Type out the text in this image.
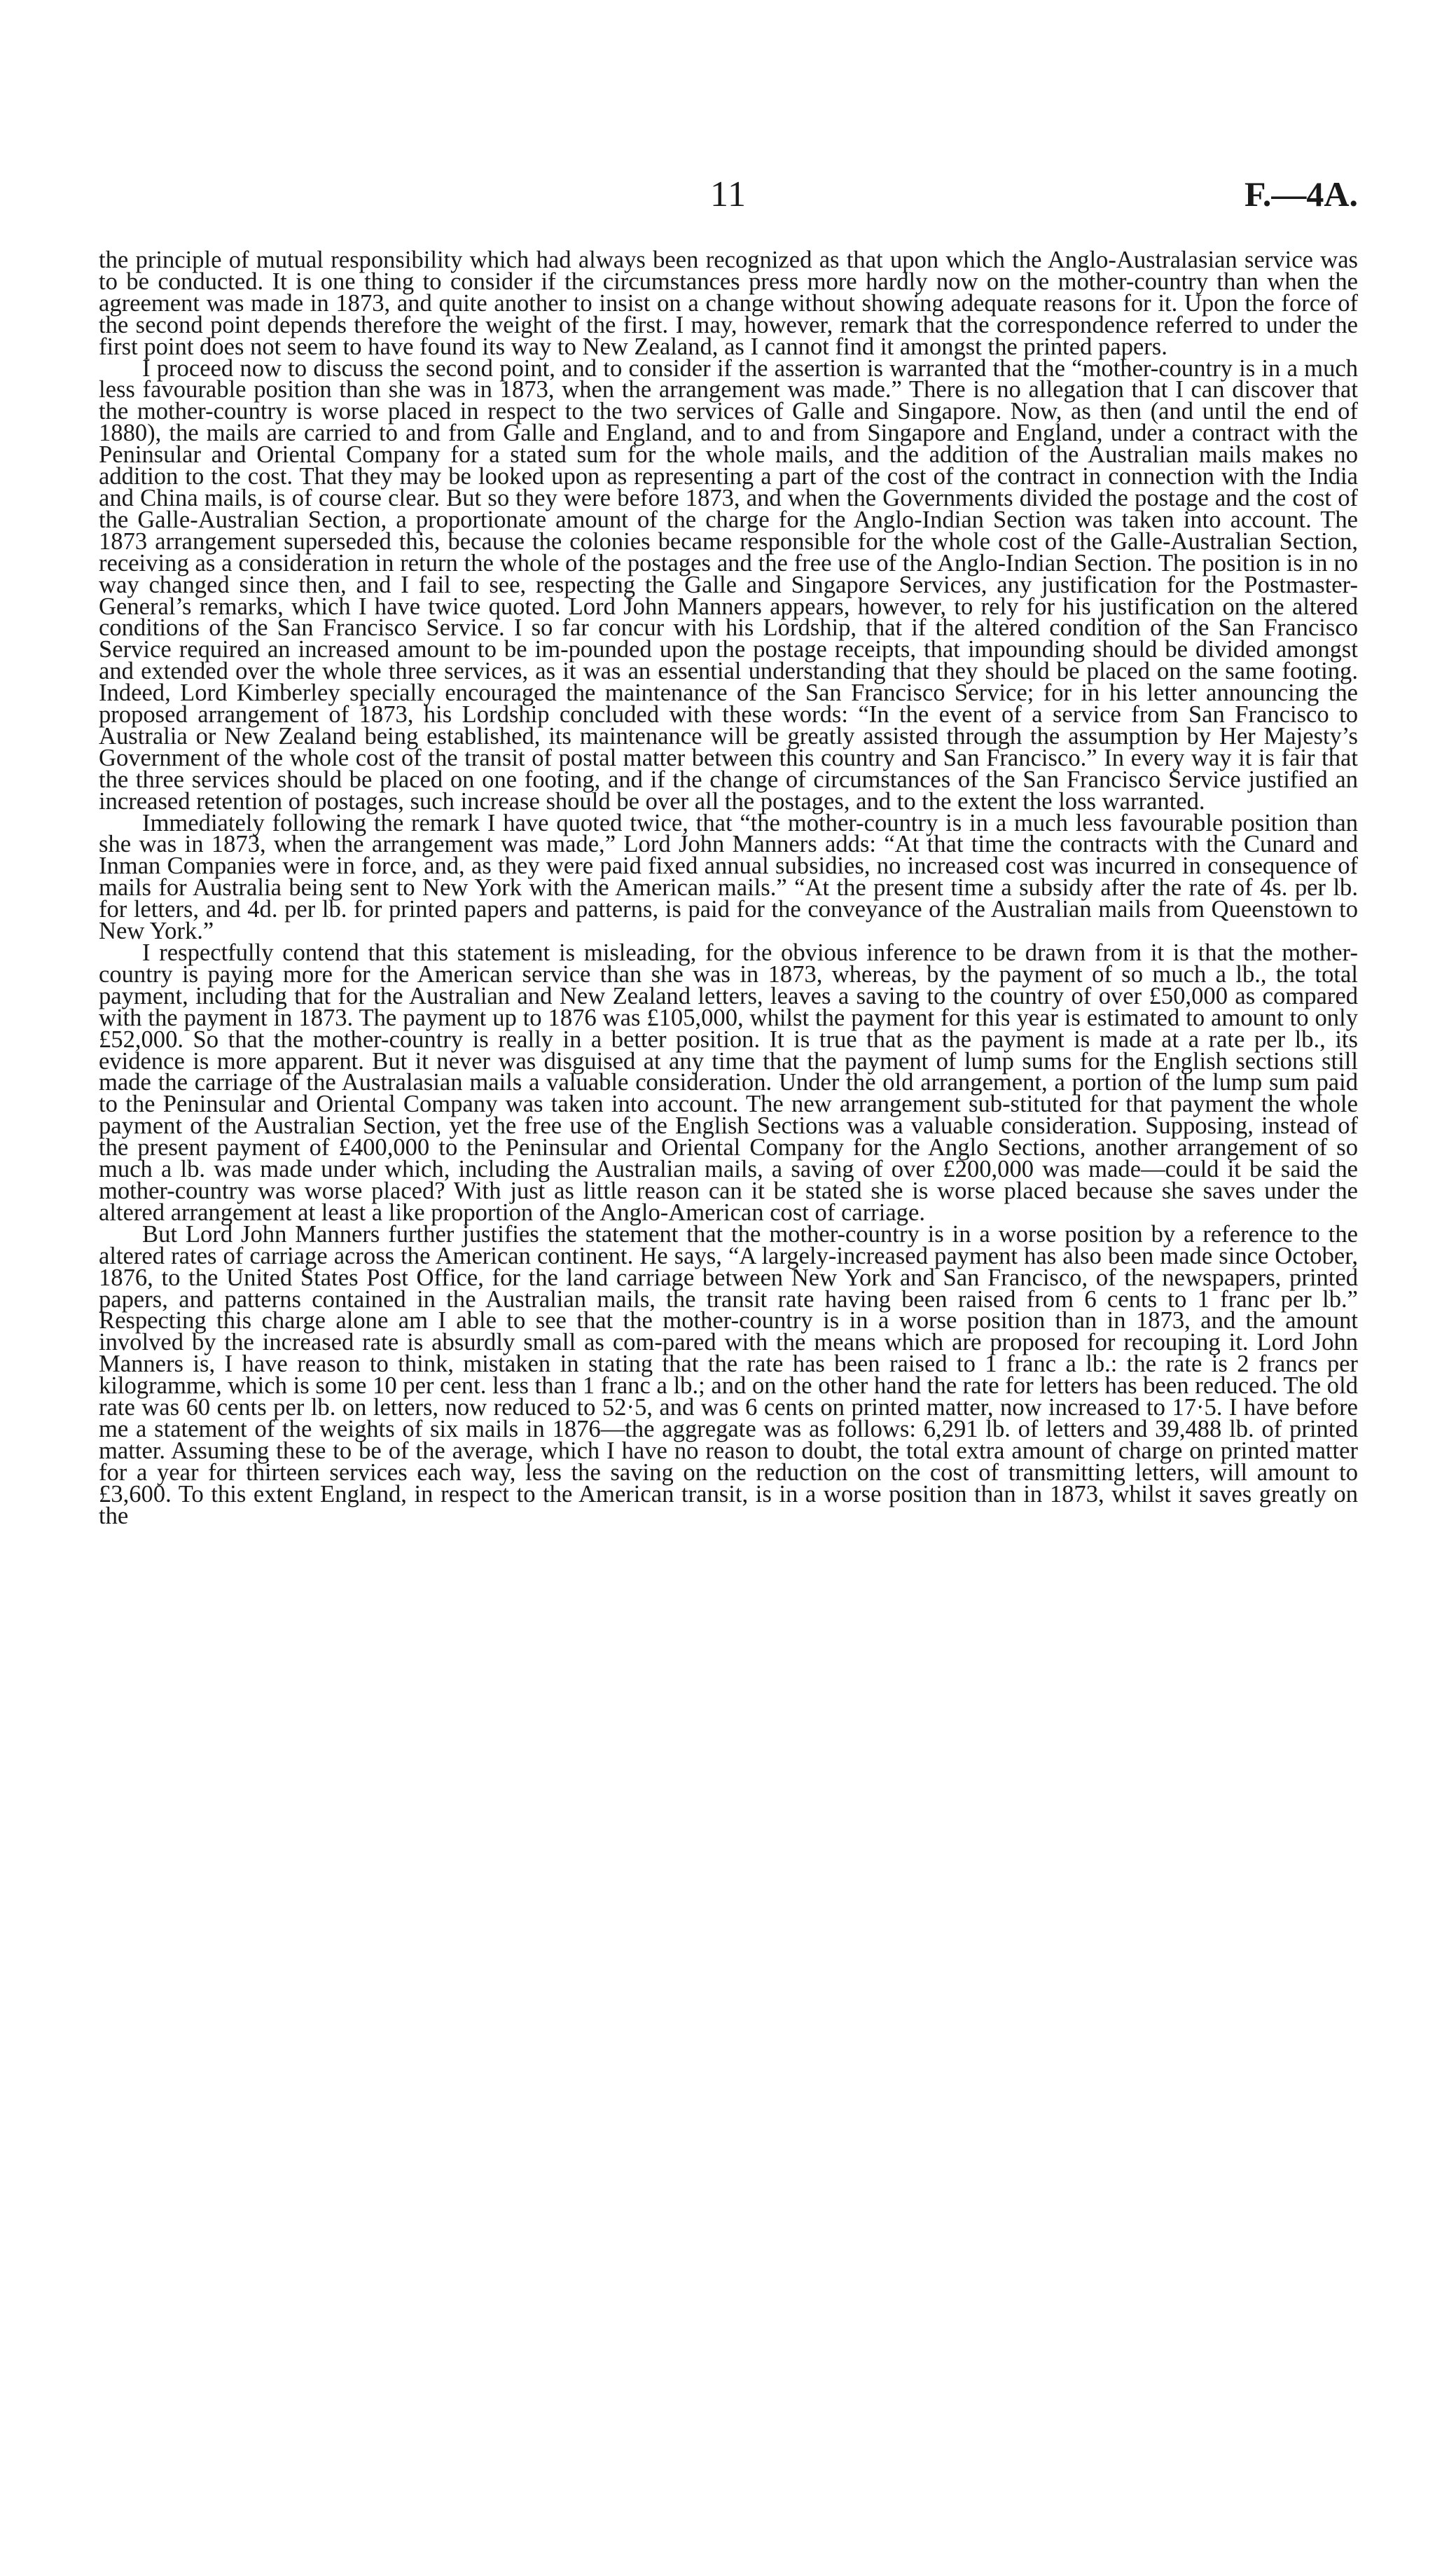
11	F.—4A.

the principle of mutual responsibility which had always been recognized as that upon which the Anglo-Australasian service was to be conducted. It is one thing to consider if the circumstances press more hardly now on the mother-country than when the agreement was made in 1873, and quite another to insist on a change without showing adequate reasons for it. Upon the force of the second point depends therefore the weight of the first. I may, however, remark that the correspondence referred to under the first point does not seem to have found its way to New Zealand, as I cannot find it amongst the printed papers.

I proceed now to discuss the second point, and to consider if the assertion is warranted that the “mother-country is in a much less favourable position than she was in 1873, when the arrangement was made.” There is no allegation that I can discover that the mother-country is worse placed in respect to the two services of Galle and Singapore. Now, as then (and until the end of 1880), the mails are carried to and from Galle and England, and to and from Singapore and England, under a contract with the Peninsular and Oriental Company for a stated sum for the whole mails, and the addition of the Australian mails makes no addition to the cost. That they may be looked upon as representing a part of the cost of the contract in connection with the India and China mails, is of course clear. But so they were before 1873, and when the Governments divided the postage and the cost of the Galle-Australian Section, a proportionate amount of the charge for the Anglo-Indian Section was taken into account. The 1873 arrangement superseded this, because the colonies became responsible for the whole cost of the Galle-Australian Section, receiving as a consideration in return the whole of the postages and the free use of the Anglo-Indian Section. The position is in no way changed since then, and I fail to see, respecting the Galle and Singapore Services, any justification for the Postmaster-General’s remarks, which I have twice quoted. Lord John Manners appears, however, to rely for his justification on the altered conditions of the San Francisco Service. I so far concur with his Lordship, that if the altered condition of the San Francisco Service required an increased amount to be im-pounded upon the postage receipts, that impounding should be divided amongst and extended over the whole three services, as it was an essential understanding that they should be placed on the same footing. Indeed, Lord Kimberley specially encouraged the maintenance of the San Francisco Service; for in his letter announcing the proposed arrangement of 1873, his Lordship concluded with these words: “In the event of a service from San Francisco to Australia or New Zealand being established, its maintenance will be greatly assisted through the assumption by Her Majesty’s Government of the whole cost of the transit of postal matter between this country and San Francisco.” In every way it is fair that the three services should be placed on one footing, and if the change of circumstances of the San Francisco Service justified an increased retention of postages, such increase should be over all the postages, and to the extent the loss warranted.

Immediately following the remark I have quoted twice, that “the mother-country is in a much less favourable position than she was in 1873, when the arrangement was made,” Lord John Manners adds: “At that time the contracts with the Cunard and Inman Companies were in force, and, as they were paid fixed annual subsidies, no increased cost was incurred in consequence of mails for Australia being sent to New York with the American mails.” “At the present time a subsidy after the rate of 4s. per lb. for letters, and 4d. per lb. for printed papers and patterns, is paid for the conveyance of the Australian mails from Queenstown to New York.”

I respectfully contend that this statement is misleading, for the obvious inference to be drawn from it is that the mother-country is paying more for the American service than she was in 1873, whereas, by the payment of so much a lb., the total payment, including that for the Australian and New Zealand letters, leaves a saving to the country of over £50,000 as compared with the payment in 1873. The payment up to 1876 was £105,000, whilst the payment for this year is estimated to amount to only £52,000. So that the mother-country is really in a better position. It is true that as the payment is made at a rate per lb., its evidence is more apparent. But it never was disguised at any time that the payment of lump sums for the English sections still made the carriage of the Australasian mails a valuable consideration. Under the old arrangement, a portion of the lump sum paid to the Peninsular and Oriental Company was taken into account. The new arrangement sub-stituted for that payment the whole payment of the Australian Section, yet the free use of the English Sections was a valuable consideration. Supposing, instead of the present payment of £400,000 to the Peninsular and Oriental Company for the Anglo Sections, another arrangement of so much a lb. was made under which, including the Australian mails, a saving of over £200,000 was made—could it be said the mother-country was worse placed? With just as little reason can it be stated she is worse placed because she saves under the altered arrangement at least a like proportion of the Anglo-American cost of carriage.

But Lord John Manners further justifies the statement that the mother-country is in a worse position by a reference to the altered rates of carriage across the American continent. He says, “A largely-increased payment has also been made since October, 1876, to the United States Post Office, for the land carriage between New York and San Francisco, of the newspapers, printed papers, and patterns contained in the Australian mails, the transit rate having been raised from 6 cents to 1 franc per lb.” Respecting this charge alone am I able to see that the mother-country is in a worse position than in 1873, and the amount involved by the increased rate is absurdly small as com-pared with the means which are proposed for recouping it. Lord John Manners is, I have reason to think, mistaken in stating that the rate has been raised to 1 franc a lb.: the rate is 2 francs per kilogramme, which is some 10 per cent. less than 1 franc a lb.; and on the other hand the rate for letters has been reduced. The old rate was 60 cents per lb. on letters, now reduced to 52·5, and was 6 cents on printed matter, now increased to 17·5. I have before me a statement of the weights of six mails in 1876—the aggregate was as follows: 6,291 lb. of letters and 39,488 lb. of printed matter. Assuming these to be of the average, which I have no reason to doubt, the total extra amount of charge on printed matter for a year for thirteen services each way, less the saving on the reduction on the cost of transmitting letters, will amount to £3,600. To this extent England, in respect to the American transit, is in a worse position than in 1873, whilst it saves greatly on the
